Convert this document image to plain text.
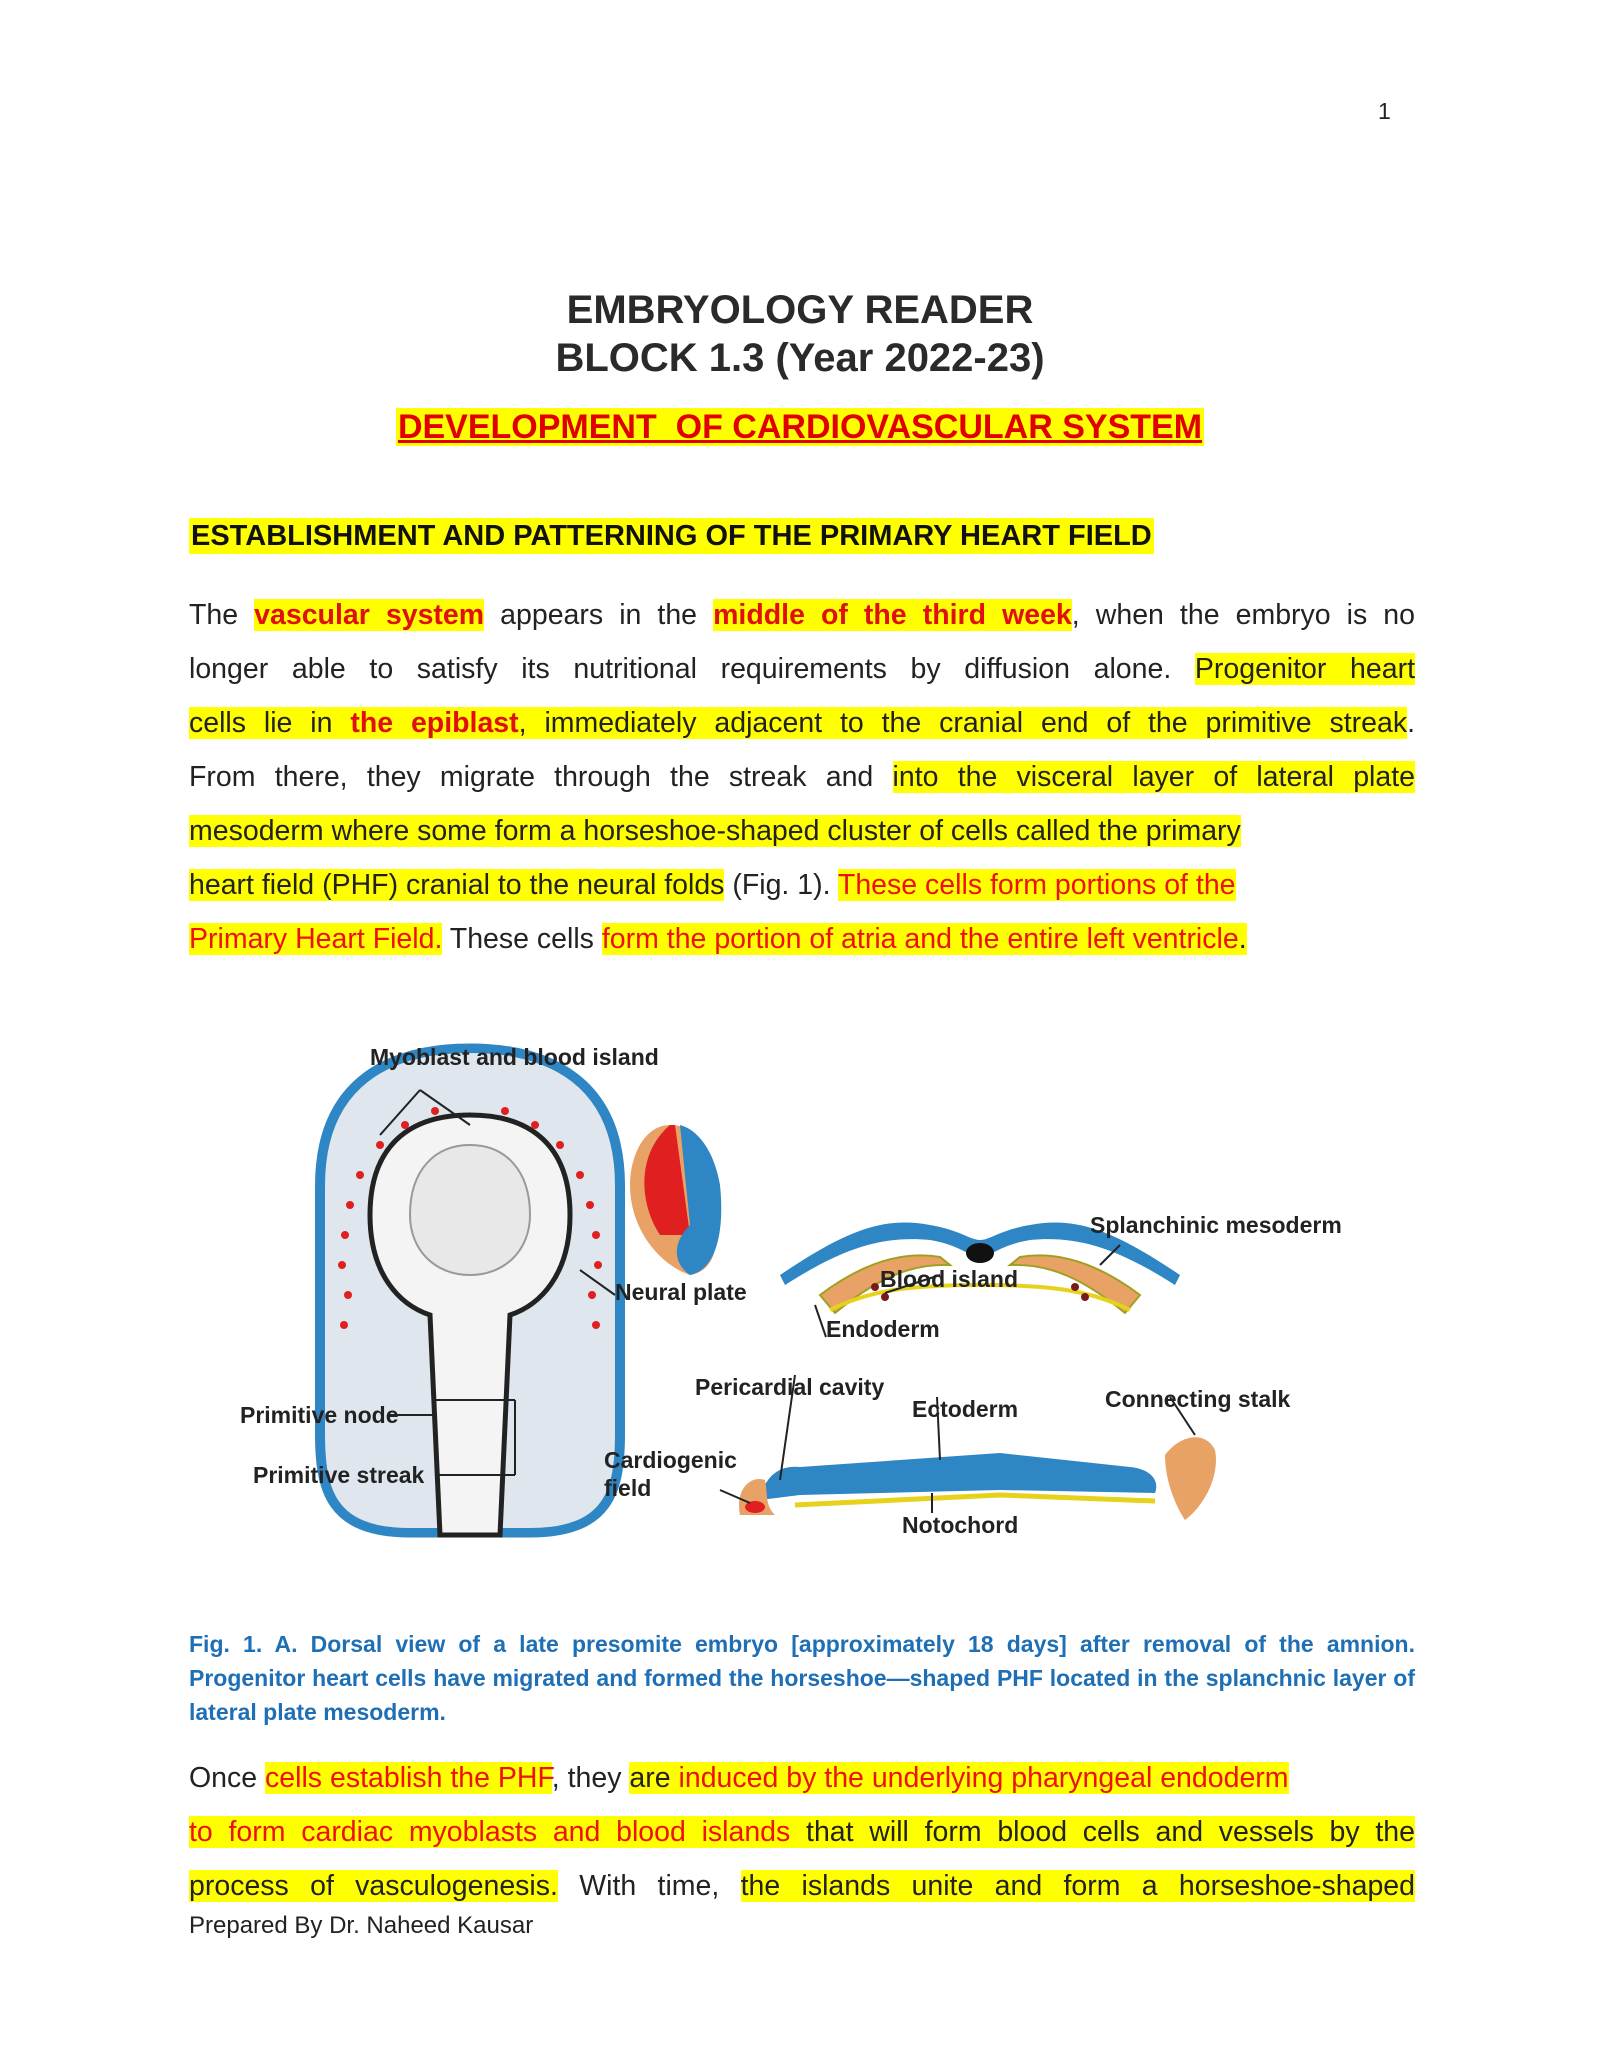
1
EMBRYOLOGY READER
BLOCK 1.3 (Year 2022-23)
DEVELOPMENT  OF CARDIOVASCULAR SYSTEM
ESTABLISHMENT AND PATTERNING OF THE PRIMARY HEART FIELD
The vascular system appears in the middle of the third week, when the embryo is no
longer able to satisfy its nutritional requirements by diffusion alone. Progenitor heart
cells lie in the epiblast, immediately adjacent to the cranial end of the primitive streak.
From there, they migrate through the streak and into the visceral layer of lateral plate
mesoderm where some form a horseshoe-shaped cluster of cells called the primary
heart field (PHF) cranial to the neural folds (Fig. 1). These cells form portions of the
Primary Heart Field. These cells form the portion of atria and the entire left ventricle.
Myoblast and blood island
Neural plate
Primitive node
Primitive streak
Splanchinic mesoderm
Blood island
Endoderm
Pericardial cavity
Ectoderm	Connecting stalk
Cardiogenic
field
Notochord
Fig. 1. A. Dorsal view of a late presomite embryo [approximately 18 days] after removal of the amnion. Progenitor heart cells have migrated and formed the horseshoe—shaped PHF located in the splanchnic layer of lateral plate mesoderm.
Once cells establish the PHF, they are induced by the underlying pharyngeal endoderm
to form cardiac myoblasts and blood islands that will form blood cells and vessels by the
process of vasculogenesis. With time, the islands unite and form a horseshoe-shaped
Prepared By Dr. Naheed Kausar
